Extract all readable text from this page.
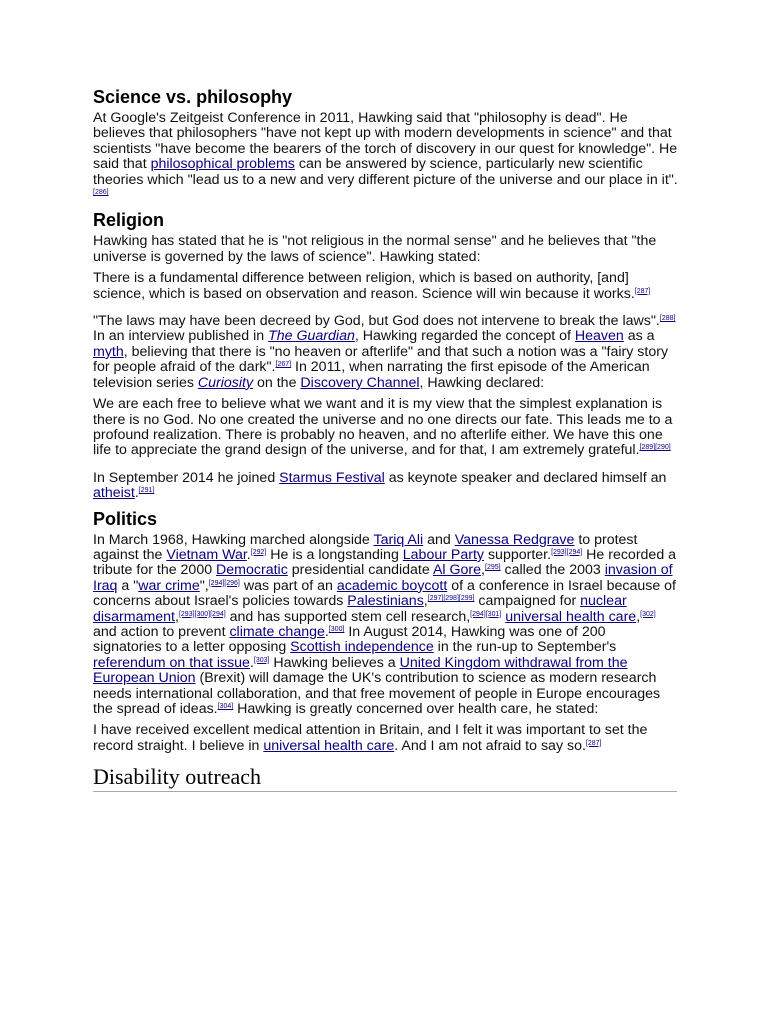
Science vs. philosophy

At Google's Zeitgeist Conference in 2011, Hawking said that "philosophy is dead". He believes that philosophers "have not kept up with modern developments in science" and that scientists "have become the bearers of the torch of discovery in our quest for knowledge". He said that philosophical problems can be answered by science, particularly new scientific theories which "lead us to a new and very different picture of the universe and our place in it".[286]

Religion

Hawking has stated that he is "not religious in the normal sense" and he believes that "the universe is governed by the laws of science". Hawking stated:

There is a fundamental difference between religion, which is based on authority, [and] science, which is based on observation and reason. Science will win because it works.[287]

"The laws may have been decreed by God, but God does not intervene to break the laws".[288] In an interview published in The Guardian, Hawking regarded the concept of Heaven as a myth, believing that there is "no heaven or afterlife" and that such a notion was a "fairy story for people afraid of the dark".[267] In 2011, when narrating the first episode of the American television series Curiosity on the Discovery Channel, Hawking declared:

We are each free to believe what we want and it is my view that the simplest explanation is there is no God. No one created the universe and no one directs our fate. This leads me to a profound realization. There is probably no heaven, and no afterlife either. We have this one life to appreciate the grand design of the universe, and for that, I am extremely grateful.[289][290]

In September 2014 he joined Starmus Festival as keynote speaker and declared himself an atheist.[291]

Politics

In March 1968, Hawking marched alongside Tariq Ali and Vanessa Redgrave to protest against the Vietnam War.[292] He is a longstanding Labour Party supporter.[293][294] He recorded a tribute for the 2000 Democratic presidential candidate Al Gore,[295] called the 2003 invasion of Iraq a "war crime",[294][296] was part of an academic boycott of a conference in Israel because of concerns about Israel's policies towards Palestinians,[297][298][299] campaigned for nuclear disarmament,[293][300][294] and has supported stem cell research,[294][301] universal health care,[302] and action to prevent climate change.[300] In August 2014, Hawking was one of 200 signatories to a letter opposing Scottish independence in the run-up to September's referendum on that issue.[303] Hawking believes a United Kingdom withdrawal from the European Union (Brexit) will damage the UK's contribution to science as modern research needs international collaboration, and that free movement of people in Europe encourages the spread of ideas.[304] Hawking is greatly concerned over health care, he stated:

I have received excellent medical attention in Britain, and I felt it was important to set the record straight. I believe in universal health care. And I am not afraid to say so.[287]

Disability outreach
